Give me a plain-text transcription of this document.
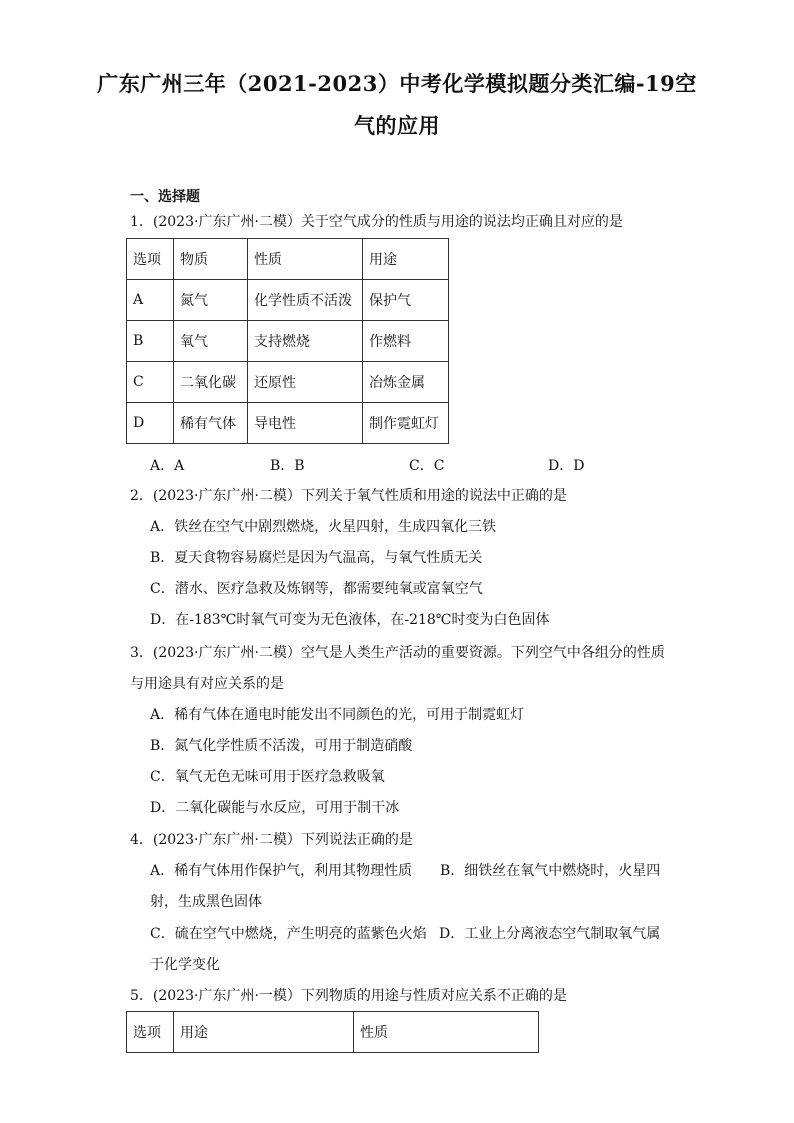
广东广州三年（2021-2023）中考化学模拟题分类汇编-19空
气的应用
一、选择题
1．(2023·广东广州·二模）关于空气成分的性质与用途的说法均正确且对应的是
选项	物质	性质	用途
A	氮气	化学性质不活泼	保护气
B	氧气	支持燃烧	作燃料
C	二氧化碳	还原性	冶炼金属
D	稀有气体	导电性	制作霓虹灯
A．A	B．B	C．C	D．D
2．(2023·广东广州·二模）下列关于氧气性质和用途的说法中正确的是
A．铁丝在空气中剧烈燃烧，火星四射，生成四氧化三铁
B．夏天食物容易腐烂是因为气温高，与氧气性质无关
C．潜水、医疗急救及炼钢等，都需要纯氧或富氧空气
D．在-183℃时氧气可变为无色液体，在-218℃时变为白色固体
3．(2023·广东广州·二模）空气是人类生产活动的重要资源。下列空气中各组分的性质
与用途具有对应关系的是
A．稀有气体在通电时能发出不同颜色的光，可用于制霓虹灯
B．氮气化学性质不活泼，可用于制造硝酸
C．氧气无色无味可用于医疗急救吸氧
D．二氧化碳能与水反应，可用于制干冰
4．(2023·广东广州·二模）下列说法正确的是
A．稀有气体用作保护气，利用其物理性质 B．细铁丝在氧气中燃烧时，火星四
射，生成黑色固体
C．硫在空气中燃烧，产生明亮的蓝紫色火焰 D．工业上分离液态空气制取氧气属
于化学变化
5．(2023·广东广州·一模）下列物质的用途与性质对应关系不正确的是
选项	用途	性质
